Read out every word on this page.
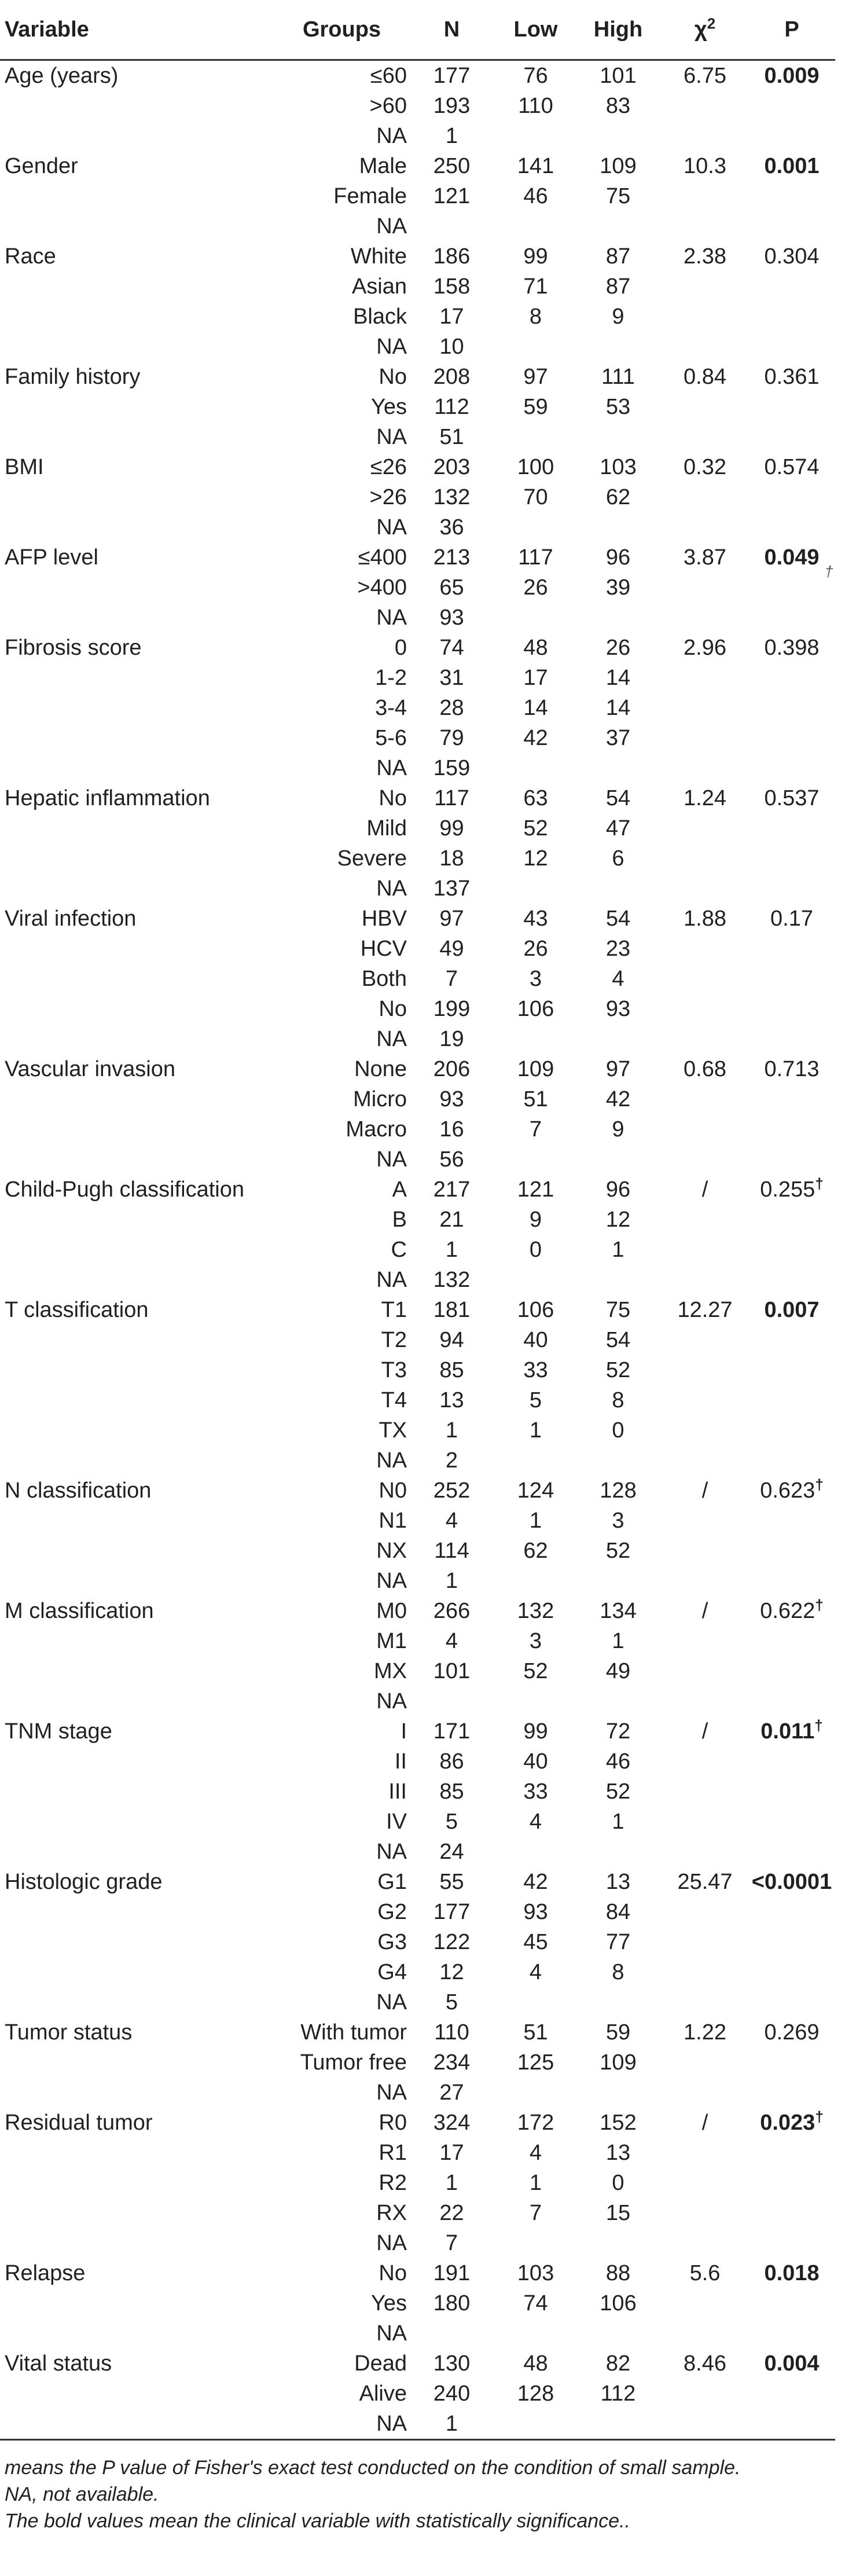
Variable	Groups	N	Low	High	$\chi^2$	P
Age (years)	≤60	177	76	101	6.75	0.009
	>60	193	110	83		
	NA	1				
Gender	Male	250	141	109	10.3	0.001
	Female	121	46	75		
	NA					
Race	White	186	99	87	2.38	0.304
	Asian	158	71	87		
	Black	17	8	9		
	NA	10				
Family history	No	208	97	111	0.84	0.361
	Yes	112	59	53		
	NA	51				
BMI	≤26	203	100	103	0.32	0.574
	>26	132	70	62		
	NA	36				
AFP level	≤400	213	117	96	3.87	0.049
	>400	65	26	39		
	NA	93				
Fibrosis score	0	74	48	26	2.96	0.398
	1-2	31	17	14		
	3-4	28	14	14		
	5-6	79	42	37		
	NA	159				
Hepatic inflammation	No	117	63	54	1.24	0.537
	Mild	99	52	47		
	Severe	18	12	6		
	NA	137				
Viral infection	HBV	97	43	54	1.88	0.17
	HCV	49	26	23		
	Both	7	3	4		
	No	199	106	93		
	NA	19				
Vascular invasion	None	206	109	97	0.68	0.713
	Micro	93	51	42		
	Macro	16	7	9		
	NA	56				
Child-Pugh classification	A	217	121	96	/	0.255†
	B	21	9	12		
	C	1	0	1		
	NA	132				
T classification	T1	181	106	75	12.27	0.007
	T2	94	40	54		
	T3	85	33	52		
	T4	13	5	8		
	TX	1	1	0		
	NA	2				
N classification	N0	252	124	128	/	0.623†
	N1	4	1	3		
	NX	114	62	52		
	NA	1				
M classification	M0	266	132	134	/	0.622†
	M1	4	3	1		
	MX	101	52	49		
	NA					
TNM stage	I	171	99	72	/	0.011†
	II	86	40	46		
	III	85	33	52		
	IV	5	4	1		
	NA	24				
Histologic grade	G1	55	42	13	25.47	<0.0001
	G2	177	93	84		
	G3	122	45	77		
	G4	12	4	8		
	NA	5				
Tumor status	With tumor	110	51	59	1.22	0.269
	Tumor free	234	125	109		
	NA	27				
Residual tumor	R0	324	172	152	/	0.023†
	R1	17	4	13		
	R2	1	1	0		
	RX	22	7	15		
	NA	7				
Relapse	No	191	103	88	5.6	0.018
	Yes	180	74	106		
	NA					
Vital status	Dead	130	48	82	8.46	0.004
	Alive	240	128	112		
	NA	1				
†
means the P value of Fisher's exact test conducted on the condition of small sample.
NA, not available.
The bold values mean the clinical variable with statistically significance..
